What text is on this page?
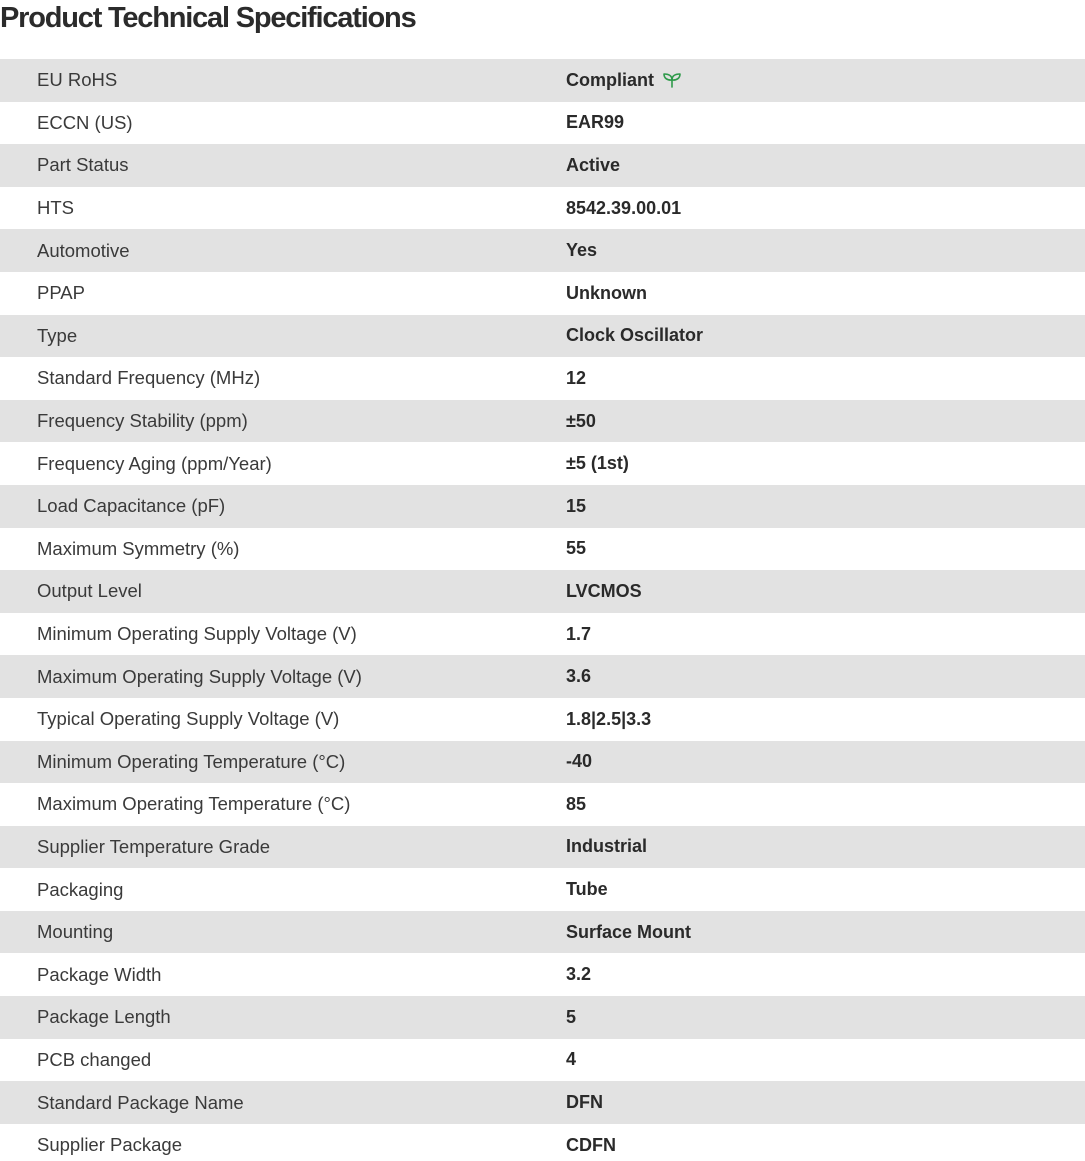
Product Technical Specifications
EU RoHS	Compliant
ECCN (US)	EAR99
Part Status	Active
HTS	8542.39.00.01
Automotive	Yes
PPAP	Unknown
Type	Clock Oscillator
Standard Frequency (MHz)	12
Frequency Stability (ppm)	±50
Frequency Aging (ppm/Year)	±5 (1st)
Load Capacitance (pF)	15
Maximum Symmetry (%)	55
Output Level	LVCMOS
Minimum Operating Supply Voltage (V)	1.7
Maximum Operating Supply Voltage (V)	3.6
Typical Operating Supply Voltage (V)	1.8|2.5|3.3
Minimum Operating Temperature (°C)	-40
Maximum Operating Temperature (°C)	85
Supplier Temperature Grade	Industrial
Packaging	Tube
Mounting	Surface Mount
Package Width	3.2
Package Length	5
PCB changed	4
Standard Package Name	DFN
Supplier Package	CDFN
